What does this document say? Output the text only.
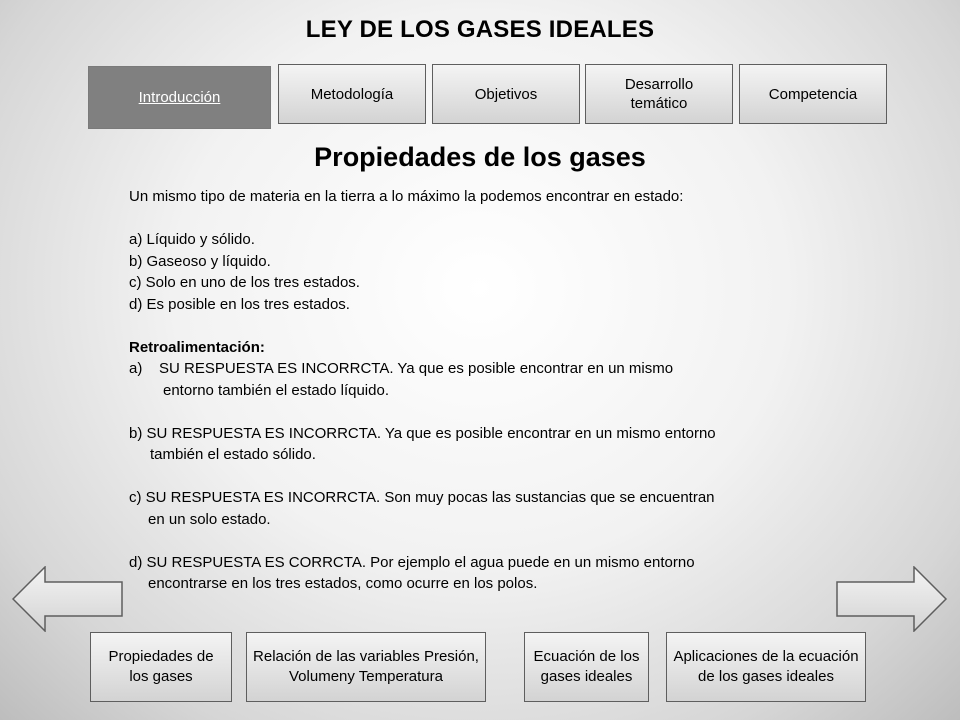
LEY DE LOS GASES IDEALES
Introducción	Metodología	Objetivos
Desarrollo temático
Competencia
Propiedades de los gases

Un mismo tipo de materia en la tierra a lo máximo la podemos encontrar en estado:

a) Líquido y sólido.

b) Gaseoso y líquido.

c) Solo en uno de los tres estados.

d) Es posible en los tres estados.

Retroalimentación:

a)    SU RESPUESTA ES INCORRCTA. Ya que es posible encontrar en un mismo

entorno también el estado líquido.

b) SU RESPUESTA ES INCORRCTA. Ya que es posible encontrar en un mismo entorno

también el estado sólido.

c) SU RESPUESTA ES INCORRCTA. Son muy pocas las sustancias que se encuentran

en un solo estado.

d) SU RESPUESTA ES CORRCTA. Por ejemplo el agua puede en un mismo entorno

encontrarse en los tres estados, como ocurre en los polos.

Propiedades de los gases
Relación de las variables Presión, Volumeny Temperatura
Ecuación de los gases ideales
Aplicaciones de la ecuación de los gases ideales
